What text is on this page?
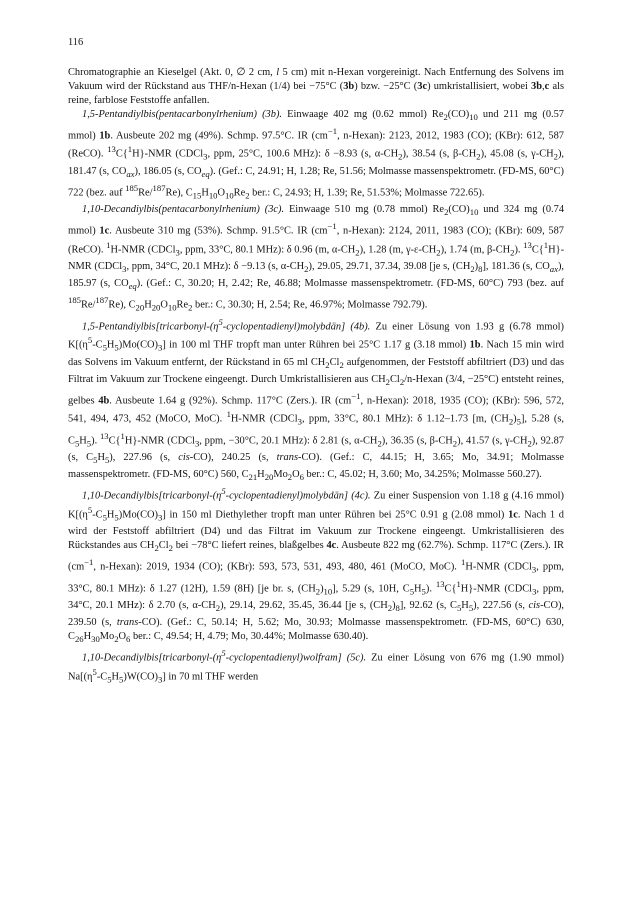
116

Chromatographie an Kieselgel (Akt. 0, ∅ 2 cm, l 5 cm) mit n-Hexan vorgereinigt. Nach Entfernung des Solvens im Vakuum wird der Rückstand aus THF/n-Hexan (1/4) bei −75°C (3b) bzw. −25°C (3c) umkristallisiert, wobei 3b,c als reine, farblose Feststoffe anfallen.

1,5-Pentandiylbis(pentacarbonylrhenium) (3b). Einwaage 402 mg (0.62 mmol) $Re_2(CO)_{10}$ und 211 mg (0.57 mmol) 1b. Ausbeute 202 mg (49%). Schmp. 97.5°C. IR ($cm^{-1}$, n-Hexan): 2123, 2012, 1983 (CO); (KBr): 612, 587 (ReCO). $^{13}$C{$^1$H}-NMR (CDCl$_3$, ppm, 25°C, 100.6 MHz): δ −8.93 (s, $\alpha-CH_2$), 38.54 (s, $\beta-CH_2$), 45.08 (s, $\gamma-CH_2$), 181.47 (s, $CO_{ax}$), 186.05 (s, $CO_{eq}$). (Gef.: C, 24.91; H, 1.28; Re, 51.56; Molmasse massenspektrometr. (FD-MS, 60°C) 722 (bez. auf $^{185}$Re/$^{187}$Re), $C_{15}H_{10}O_{10}Re_2$ ber.: C, 24.93; H, 1.39; Re, 51.53%; Molmasse 722.65).

1,10-Decandiylbis(pentacarbonylrhenium) (3c). Einwaage 510 mg (0.78 mmol) $Re_2(CO)_{10}$ und 324 mg (0.74 mmol) 1c. Ausbeute 310 mg (53%). Schmp. 91.5°C. IR ($cm^{-1}$, n-Hexan): 2124, 2011, 1983 (CO); (KBr): 609, 587 (ReCO). $^1$H-NMR (CDCl$_3$, ppm, 33°C, 80.1 MHz): δ 0.96 (m, $\alpha-CH_2$), 1.28 (m, $\gamma-\varepsilon-CH_2$), 1.74 (m, $\beta-CH_2$). $^{13}$C{$^1$H}-NMR (CDCl$_3$, ppm, 34°C, 20.1 MHz): δ −9.13 (s, $\alpha-CH_2$), 29.05, 29.71, 37.34, 39.08 [je s, $(CH_2)_8$], 181.36 (s, $CO_{ax}$), 185.97 (s, $CO_{eq}$). (Gef.: C, 30.20; H, 2.42; Re, 46.88; Molmasse massenspektrometr. (FD-MS, 60°C) 793 (bez. auf $^{185}$Re/$^{187}$Re), $C_{20}H_{20}O_{10}Re_2$ ber.: C, 30.30; H, 2.54; Re, 46.97%; Molmasse 792.79).

$1,5-Pentandiylbis[tricarbonyl-(\eta^5-cyclopentadienyl)molybdän]$ (4b). Zu einer Lösung von 1.93 g (6.78 mmol) $K[(\eta^5-C_5H_5)Mo(CO)_3]$ in 100 ml THF tropft man unter Rühren bei 25°C 1.17 g (3.18 mmol) 1b. Nach 15 min wird das Solvens im Vakuum entfernt, der Rückstand in 65 ml $CH_2Cl_2$ aufgenommen, der Feststoff abfiltriert (D3) und das Filtrat im Vakuum zur Trockene eingeengt. Durch Umkristallisieren aus $CH_2Cl_2/n$-Hexan (3/4, −25°C) entsteht reines, gelbes 4b. Ausbeute 1.64 g (92%). Schmp. 117°C (Zers.). IR ($cm^{-1}$, n-Hexan): 2018, 1935 (CO); (KBr): 596, 572, 541, 494, 473, 452 (MoCO, MoC). $^1$H-NMR (CDCl$_3$, ppm, 33°C, 80.1 MHz): δ 1.12–1.73 [m, $(CH_2)_5$], 5.28 (s, $C_5H_5$). $^{13}$C{$^1$H}-NMR (CDCl$_3$, ppm, −30°C, 20.1 MHz): δ 2.81 (s, $\alpha-CH_2$), 36.35 (s, $\beta-CH_2$), 41.57 (s, $\gamma-CH_2$), 92.87 (s, $C_5H_5$), 227.96 (s, cis-CO), 240.25 (s, trans-CO). (Gef.: C, 44.15; H, 3.65; Mo, 34.91; Molmasse massenspektrometr. (FD-MS, 60°C) 560, $C_{21}H_{20}Mo_2O_6$ ber.: C, 45.02; H, 3.60; Mo, 34.25%; Molmasse 560.27).

$1,10-Decandiylbis[tricarbonyl-(\eta^5-cyclopentadienyl)molybdän]$ (4c). Zu einer Suspension von 1.18 g (4.16 mmol) $K[(\eta^5-C_5H_5)Mo(CO)_3]$ in 150 ml Diethylether tropft man unter Rühren bei 25°C 0.91 g (2.08 mmol) 1c. Nach 1 d wird der Feststoff abfiltriert (D4) und das Filtrat im Vakuum zur Trockene eingeengt. Umkristallisieren des Rückstandes aus $CH_2Cl_2$ bei −78°C liefert reines, blaßgelbes 4c. Ausbeute 822 mg (62.7%). Schmp. 117°C (Zers.). IR ($cm^{-1}$, n-Hexan): 2019, 1934 (CO); (KBr): 593, 573, 531, 493, 480, 461 (MoCO, MoC). $^1$H-NMR (CDCl$_3$, ppm, 33°C, 80.1 MHz): δ 1.27 (12H), 1.59 (8H) [je br. s, $(CH_2)_{10}$], 5.29 (s, 10H, $C_5H_5$). $^{13}$C{$^1$H}-NMR (CDCl$_3$, ppm, 34°C, 20.1 MHz): δ 2.70 (s, $\alpha-CH_2$), 29.14, 29.62, 35.45, 36.44 [je s, $(CH_2)_8$], 92.62 (s, $C_5H_5$), 227.56 (s, cis-CO), 239.50 (s, trans-CO). (Gef.: C, 50.14; H, 5.62; Mo, 30.93; Molmasse massenspektrometr. (FD-MS, 60°C) 630, $C_{26}H_{30}Mo_2O_6$ ber.: C, 49.54; H, 4.79; Mo, 30.44%; Molmasse 630.40).

$1,10-Decandiylbis[tricarbonyl-(\eta^5-cyclopentadienyl)wolfram]$ (5c). Zu einer Lösung von 676 mg (1.90 mmol) $Na[(\eta^5-C_5H_5)W(CO)_3]$ in 70 ml THF werden
